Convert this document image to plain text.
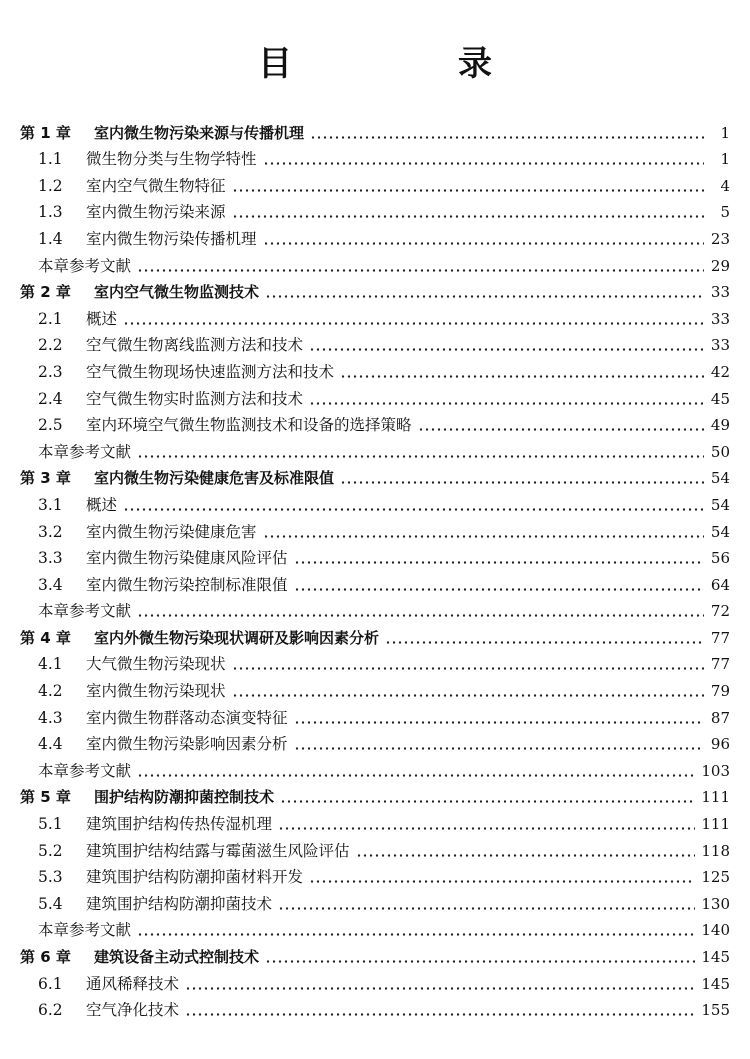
目　录
第 1 章	室内微生物污染来源与传播机理	1
1.1	微生物分类与生物学特性	1
1.2	室内空气微生物特征	4
1.3	室内微生物污染来源	5
1.4	室内微生物污染传播机理	23
本章参考文献	29
第 2 章	室内空气微生物监测技术	33
2.1	概述	33
2.2	空气微生物离线监测方法和技术	33
2.3	空气微生物现场快速监测方法和技术	42
2.4	空气微生物实时监测方法和技术	45
2.5	室内环境空气微生物监测技术和设备的选择策略	49
本章参考文献	50
第 3 章	室内微生物污染健康危害及标准限值	54
3.1	概述	54
3.2	室内微生物污染健康危害	54
3.3	室内微生物污染健康风险评估	56
3.4	室内微生物污染控制标准限值	64
本章参考文献	72
第 4 章	室内外微生物污染现状调研及影响因素分析	77
4.1	大气微生物污染现状	77
4.2	室内微生物污染现状	79
4.3	室内微生物群落动态演变特征	87
4.4	室内微生物污染影响因素分析	96
本章参考文献	103
第 5 章	围护结构防潮抑菌控制技术	111
5.1	建筑围护结构传热传湿机理	111
5.2	建筑围护结构结露与霉菌滋生风险评估	118
5.3	建筑围护结构防潮抑菌材料开发	125
5.4	建筑围护结构防潮抑菌技术	130
本章参考文献	140
第 6 章	建筑设备主动式控制技术	145
6.1	通风稀释技术	145
6.2	空气净化技术	155
